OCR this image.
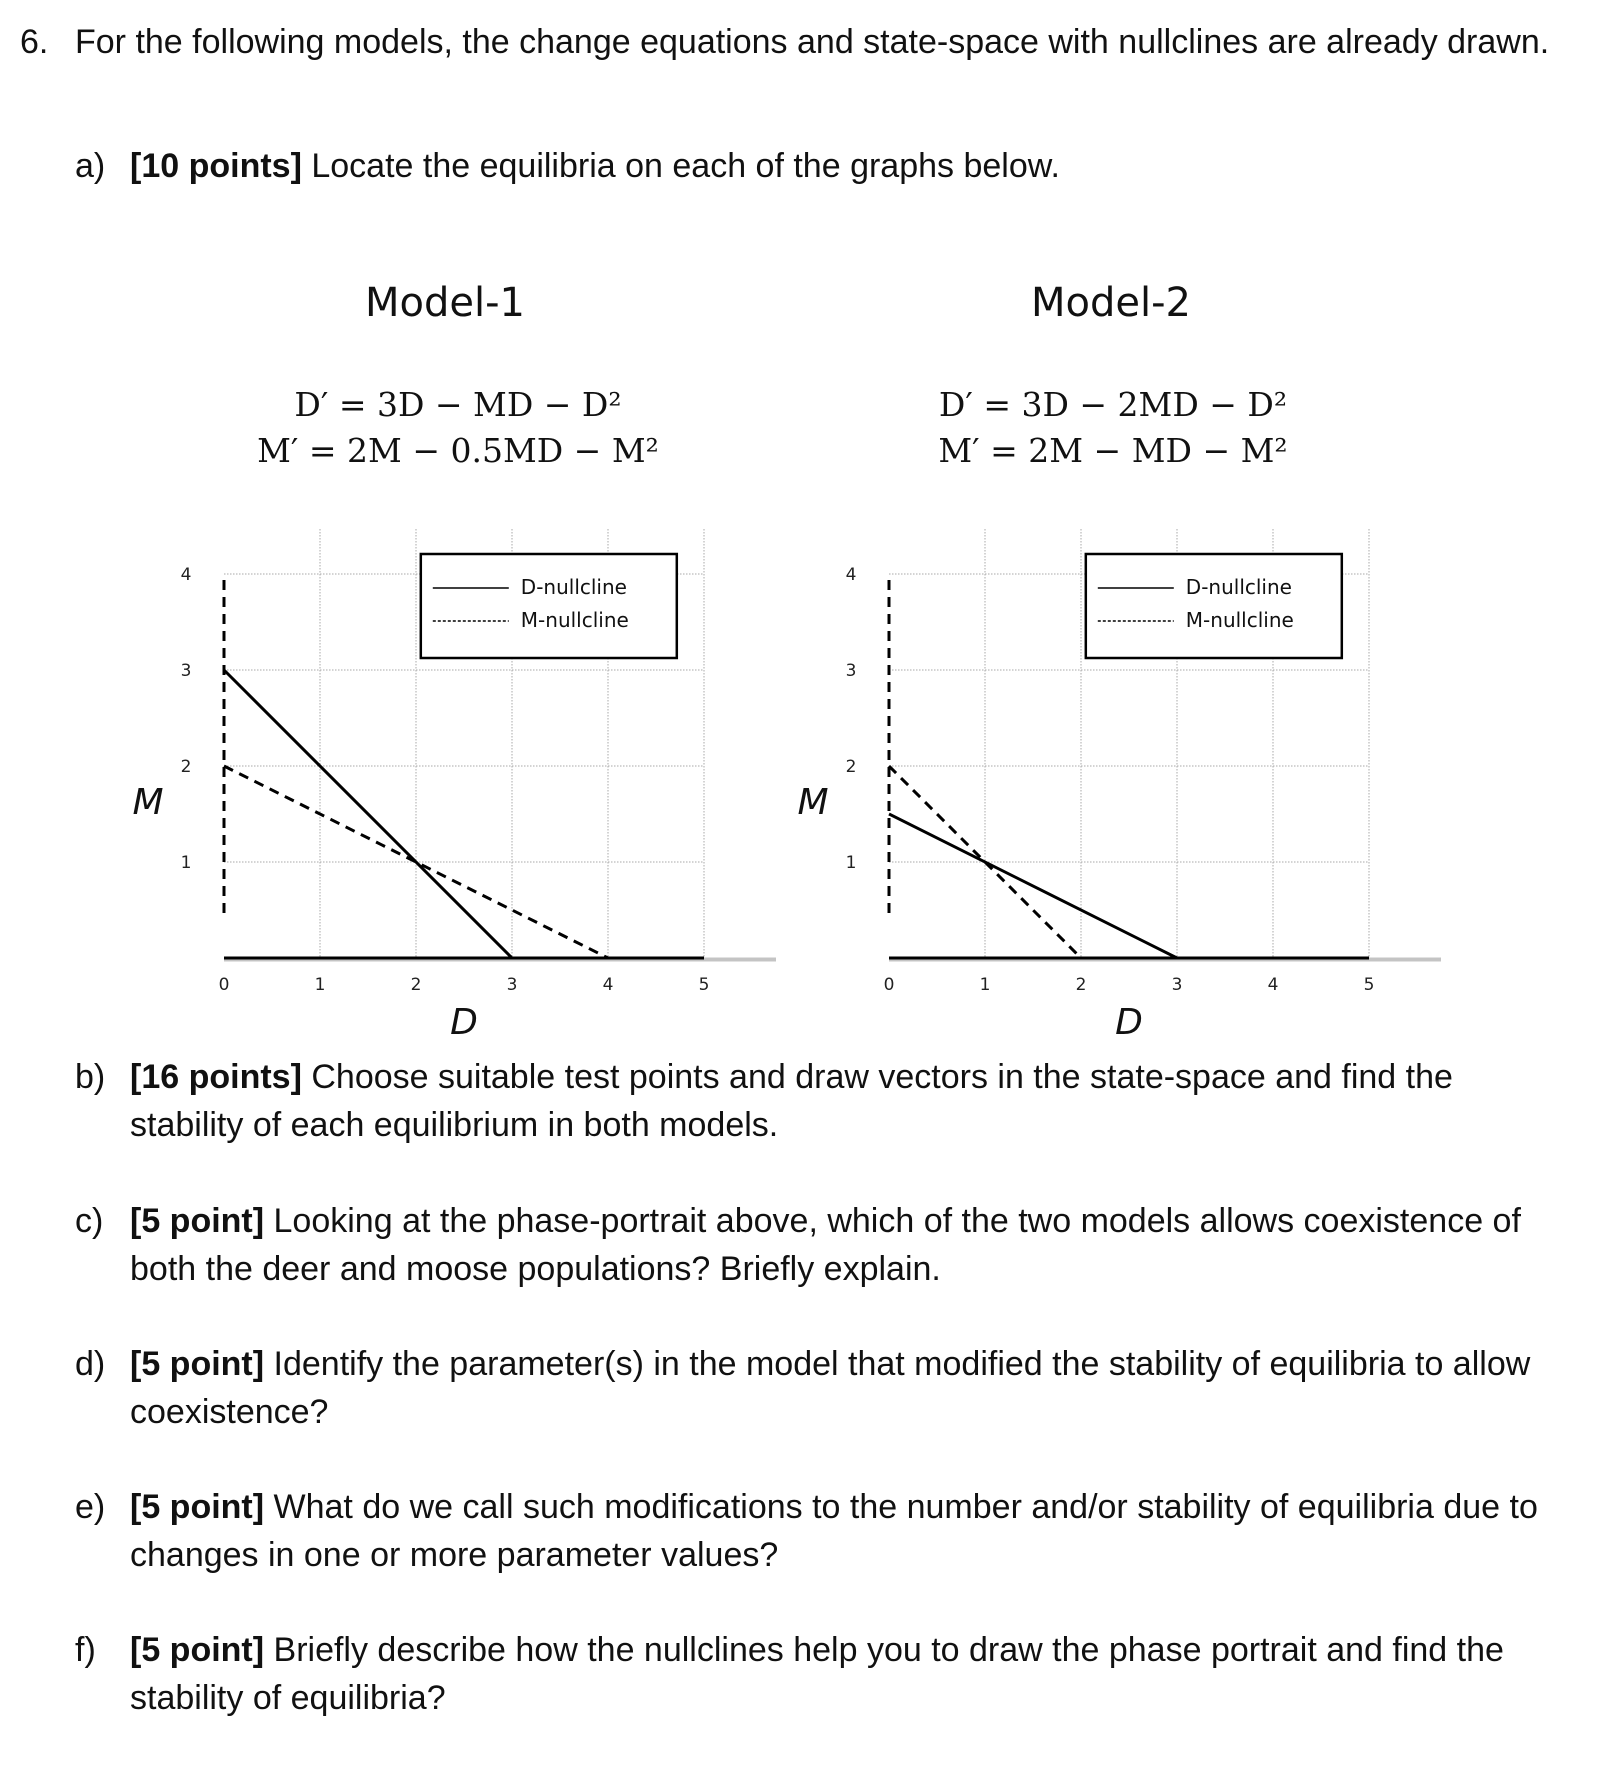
6. For the following models, the change equations and state-space with nullclines are already drawn.
a) [10 points] Locate the equilibria on each of the graphs below.
Model-1	Model-2
D′ = 3D − MD − D²
M′ = 2M − 0.5MD − M²
D′ = 3D − 2MD − D²
M′ = 2M − MD − M²
0	1	2	3	4	5
1
2
3
4
D
M
D-nullcline
M-nullcline
0	1	2	3	4	5
1
2
3
4
D
M
D-nullcline
M-nullcline
b) [16 points] Choose suitable test points and draw vectors in the state-space and find the stability of each equilibrium in both models.
c) [5 point] Looking at the phase-portrait above, which of the two models allows coexistence of both the deer and moose populations? Briefly explain.
d) [5 point] Identify the parameter(s) in the model that modified the stability of equilibria to allow coexistence?
e) [5 point] What do we call such modifications to the number and/or stability of equilibria due to changes in one or more parameter values?
f) [5 point] Briefly describe how the nullclines help you to draw the phase portrait and find the stability of equilibria?
